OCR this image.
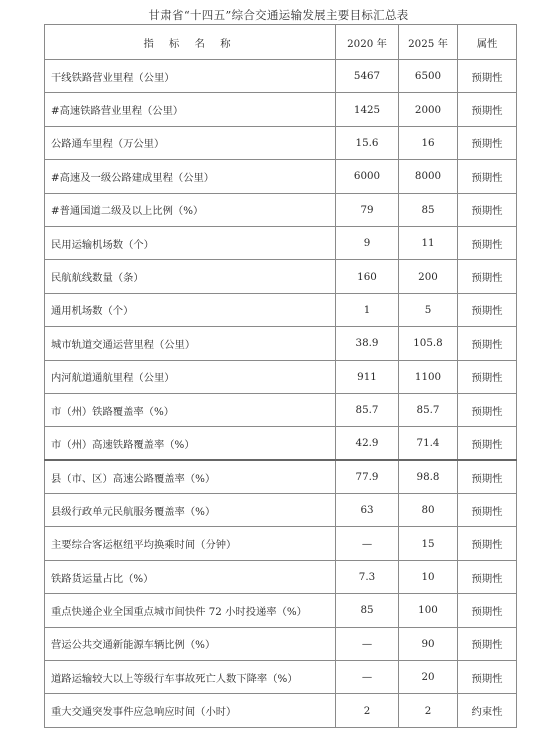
甘肃省“十四五”综合交通运输发展主要目标汇总表
指 标 名 称	2020 年	2025 年	属性
干线铁路营业里程（公里）	5467	6500	预期性
#高速铁路营业里程（公里）	1425	2000	预期性
公路通车里程（万公里）	15.6	16	预期性
#高速及一级公路建成里程（公里）	6000	8000	预期性
#普通国道二级及以上比例（%）	79	85	预期性
民用运输机场数（个）	9	11	预期性
民航航线数量（条）	160	200	预期性
通用机场数（个）	1	5	预期性
城市轨道交通运营里程（公里）	38.9	105.8	预期性
内河航道通航里程（公里）	911	1100	预期性
市（州）铁路覆盖率（%）	85.7	85.7	预期性
市（州）高速铁路覆盖率（%）	42.9	71.4	预期性
县（市、区）高速公路覆盖率（%）	77.9	98.8	预期性
县级行政单元民航服务覆盖率（%）	63	80	预期性
主要综合客运枢纽平均换乘时间（分钟）	—	15	预期性
铁路货运量占比（%）	7.3	10	预期性
重点快递企业全国重点城市间快件 72 小时投递率（%）	85	100	预期性
营运公共交通新能源车辆比例（%）	—	90	预期性
道路运输较大以上等级行车事故死亡人数下降率（%）	—	20	预期性
重大交通突发事件应急响应时间（小时）	2	2	约束性
